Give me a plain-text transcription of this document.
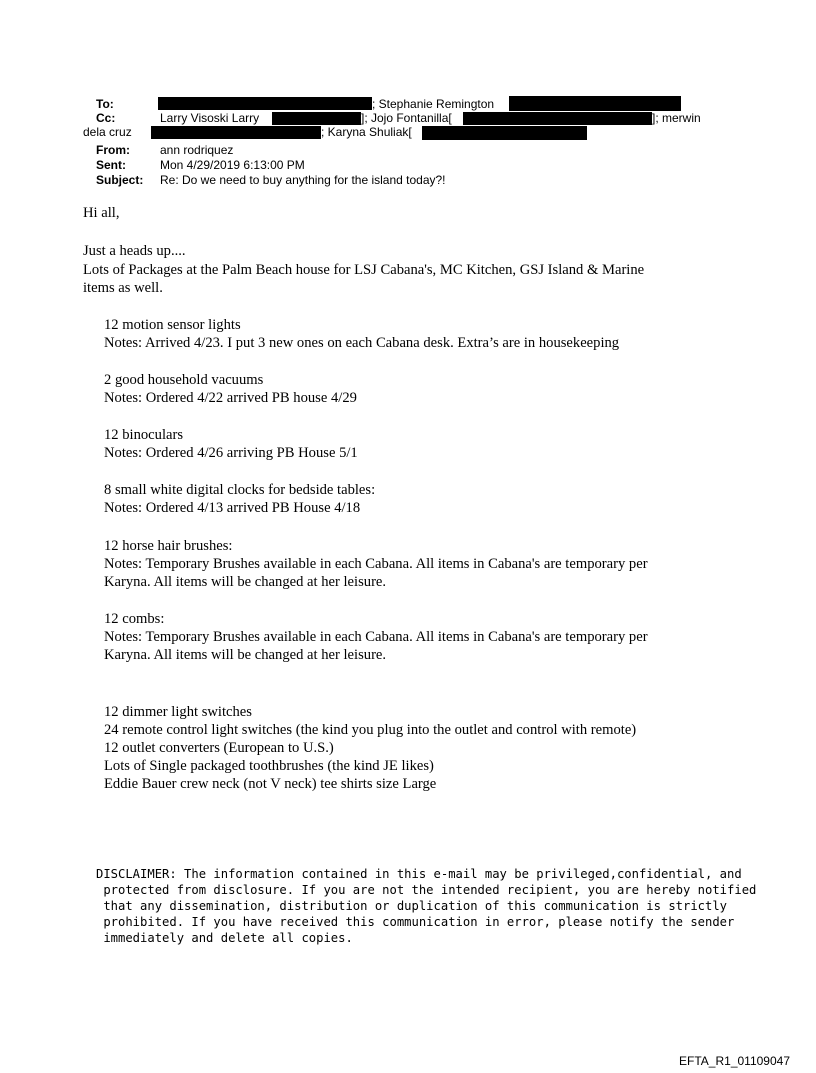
To:	; Stephanie Remington
Cc:	Larry Visoski Larry	]; Jojo Fontanilla[	]; merwin
dela cruz	; Karyna Shuliak[
From:	ann rodriquez
Sent:	Mon 4/29/2019 6:13:00 PM
Subject: Re: Do we need to buy anything for the island today?!
Hi all,
Just a heads up....
Lots of Packages at the Palm Beach house for LSJ Cabana's, MC Kitchen, GSJ Island & Marine
items as well.
12 motion sensor lights
Notes: Arrived 4/23. I put 3 new ones on each Cabana desk. Extra’s are in housekeeping
2 good household vacuums
Notes: Ordered 4/22 arrived PB house 4/29
12 binoculars
Notes: Ordered 4/26 arriving PB House 5/1
8 small white digital clocks for bedside tables:
Notes: Ordered 4/13 arrived PB House 4/18
12 horse hair brushes:
Notes: Temporary Brushes available in each Cabana. All items in Cabana's are temporary per
Karyna. All items will be changed at her leisure.
12 combs:
Notes: Temporary Brushes available in each Cabana. All items in Cabana's are temporary per
Karyna. All items will be changed at her leisure.
12 dimmer light switches
24 remote control light switches (the kind you plug into the outlet and control with remote)
12 outlet converters (European to U.S.)
Lots of Single packaged toothbrushes (the kind JE likes)
Eddie Bauer crew neck (not V neck) tee shirts size Large
DISCLAIMER: The information contained in this e-mail may be privileged,confidential, and
protected from disclosure. If you are not the intended recipient, you are hereby notified
that any dissemination, distribution or duplication of this communication is strictly
prohibited. If you have received this communication in error, please notify the sender
immediately and delete all copies.
EFTA_R1_01109047
